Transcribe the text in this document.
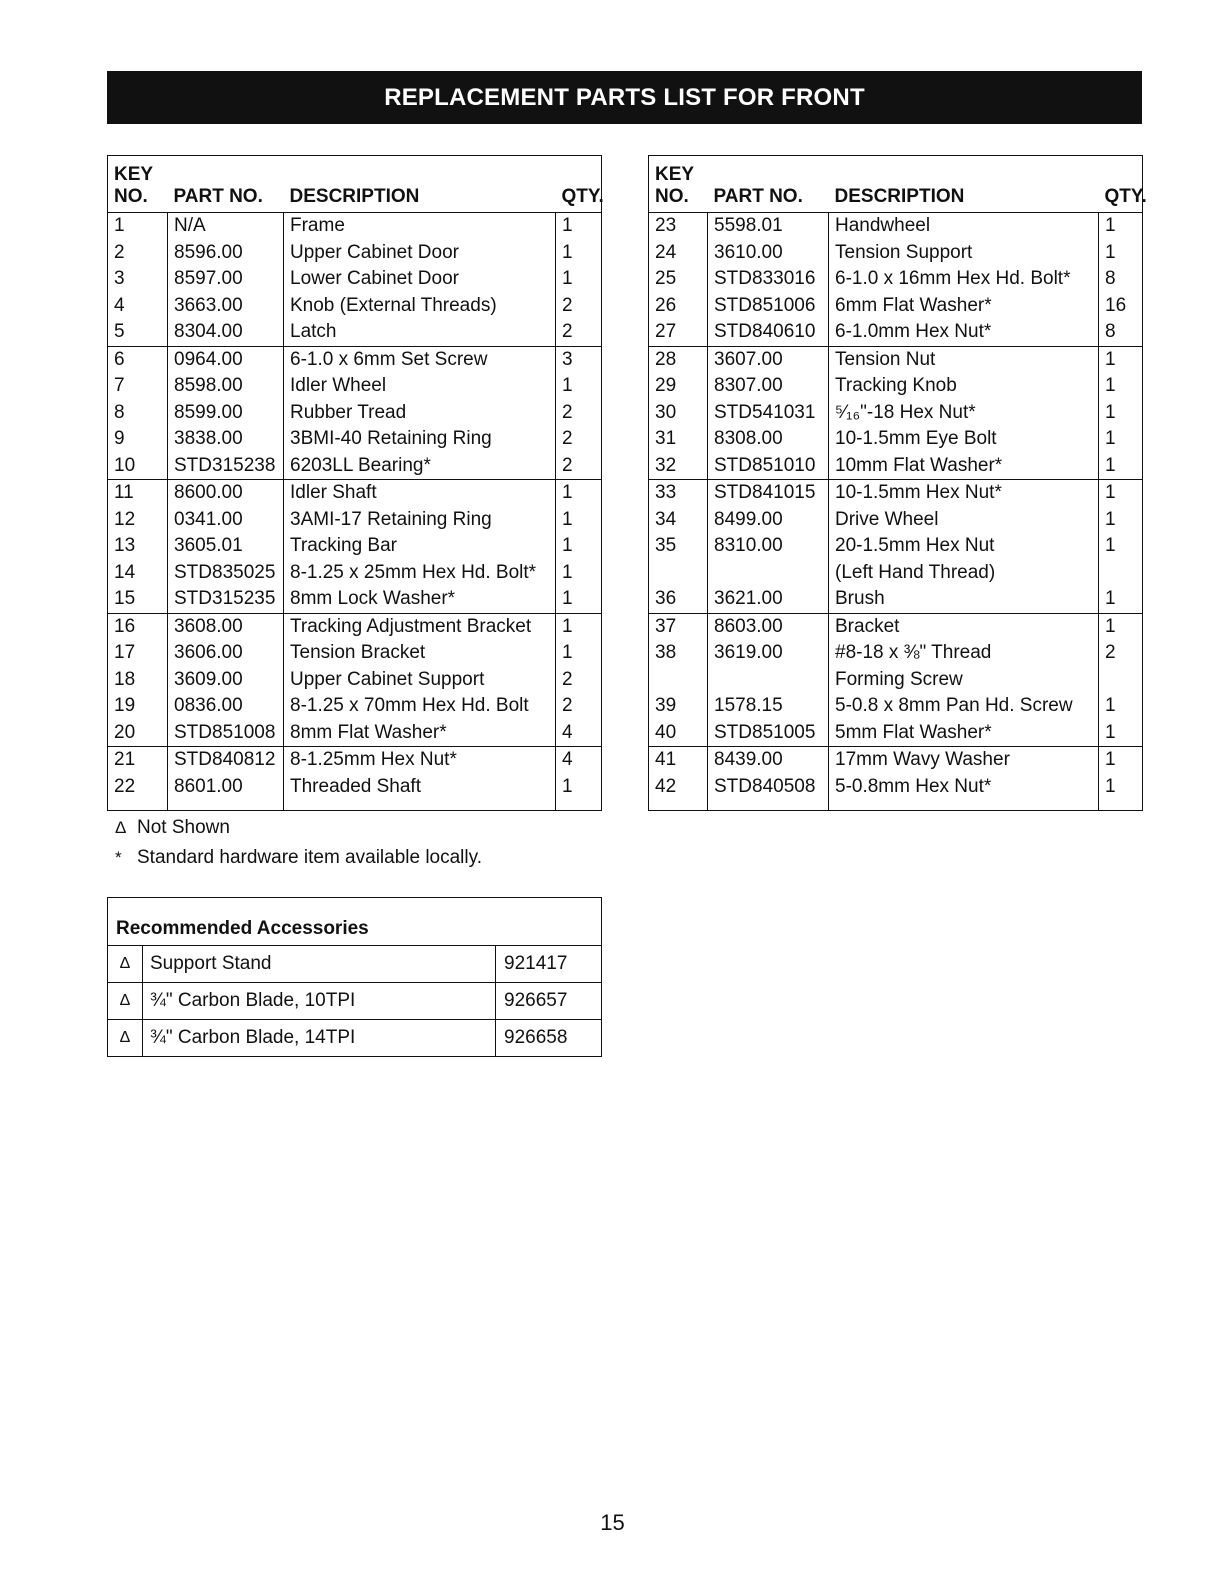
REPLACEMENT PARTS LIST FOR FRONT
KEY
NO.	PART NO.	DESCRIPTION	QTY.
1	N/A	Frame	1
2	8596.00	Upper Cabinet Door	1
3	8597.00	Lower Cabinet Door	1
4	3663.00	Knob (External Threads)	2
5	8304.00	Latch	2
6	0964.00	6-1.0 x 6mm Set Screw	3
7	8598.00	Idler Wheel	1
8	8599.00	Rubber Tread	2
9	3838.00	3BMI-40 Retaining Ring	2
10	STD315238	6203LL Bearing*	2
11	8600.00	Idler Shaft	1
12	0341.00	3AMI-17 Retaining Ring	1
13	3605.01	Tracking Bar	1
14	STD835025	8-1.25 x 25mm Hex Hd. Bolt*	1
15	STD315235	8mm Lock Washer*	1
16	3608.00	Tracking Adjustment Bracket	1
17	3606.00	Tension Bracket	1
18	3609.00	Upper Cabinet Support	2
19	0836.00	8-1.25 x 70mm Hex Hd. Bolt	2
20	STD851008	8mm Flat Washer*	4
21	STD840812	8-1.25mm Hex Nut*	4
22	8601.00	Threaded Shaft	1
KEY
NO.	PART NO.	DESCRIPTION	QTY.
23	5598.01	Handwheel	1
24	3610.00	Tension Support	1
25	STD833016	6-1.0 x 16mm Hex Hd. Bolt*	8
26	STD851006	6mm Flat Washer*	16
27	STD840610	6-1.0mm Hex Nut*	8
28	3607.00	Tension Nut	1
29	8307.00	Tracking Knob	1
30	STD541031	⁵⁄₁₆"-18 Hex Nut*	1
31	8308.00	10-1.5mm Eye Bolt	1
32	STD851010	10mm Flat Washer*	1
33	STD841015	10-1.5mm Hex Nut*	1
34	8499.00	Drive Wheel	1
35	8310.00	20-1.5mm Hex Nut	1
		(Left Hand Thread)	
36	3621.00	Brush	1
37	8603.00	Bracket	1
38	3619.00	#8-18 x ⅜" Thread	2
		Forming Screw	
39	1578.15	5-0.8 x 8mm Pan Hd. Screw	1
40	STD851005	5mm Flat Washer*	1
41	8439.00	17mm Wavy Washer	1
42	STD840508	5-0.8mm Hex Nut*	1
Δ Not Shown
* Standard hardware item available locally.
Recommended Accessories
Δ	Support Stand	921417
Δ	¾" Carbon Blade, 10TPI	926657
Δ	¾" Carbon Blade, 14TPI	926658
15
